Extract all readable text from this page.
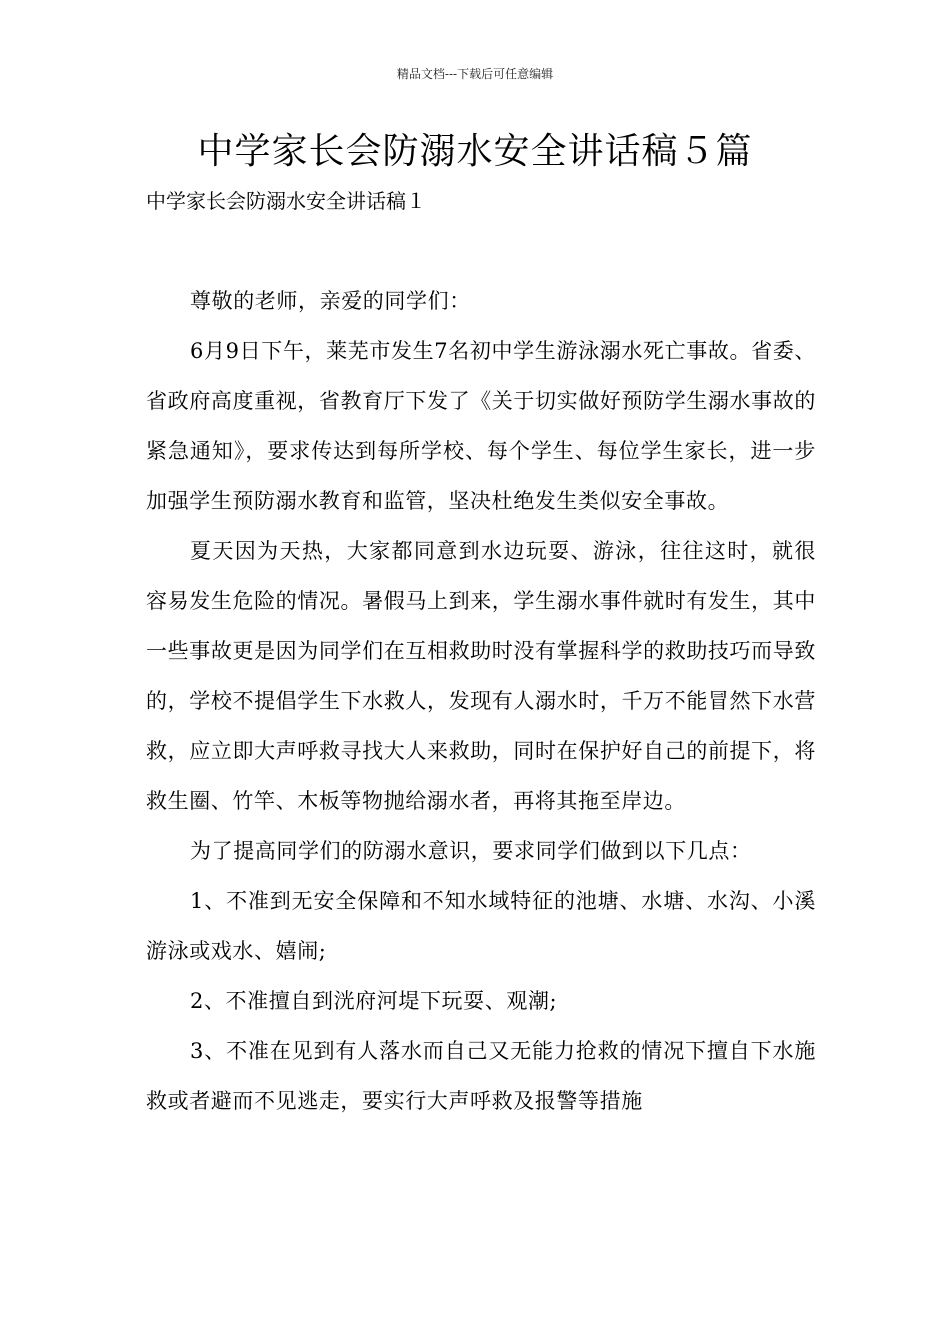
精品文档---下载后可任意编辑
中学家长会防溺水安全讲话稿５篇
中学家长会防溺水安全讲话稿１

尊敬的老师，亲爱的同学们：

6月9日下午，莱芜市发生7名初中学生游泳溺水死亡事故。省委、省政府高度重视，省教育厅下发了《关于切实做好预防学生溺水事故的紧急通知》，要求传达到每所学校、每个学生、每位学生家长，进一步加强学生预防溺水教育和监管，坚决杜绝发生类似安全事故。

夏天因为天热，大家都同意到水边玩耍、游泳，往往这时，就很容易发生危险的情况。暑假马上到来，学生溺水事件就时有发生，其中一些事故更是因为同学们在互相救助时没有掌握科学的救助技巧而导致的，学校不提倡学生下水救人，发现有人溺水时，千万不能冒然下水营救，应立即大声呼救寻找大人来救助，同时在保护好自己的前提下，将救生圈、竹竿、木板等物抛给溺水者，再将其拖至岸边。

为了提高同学们的防溺水意识，要求同学们做到以下几点：

1、不准到无安全保障和不知水域特征的池塘、水塘、水沟、小溪游泳或戏水、嬉闹;

2、不准擅自到洸府河堤下玩耍、观潮;

3、不准在见到有人落水而自己又无能力抢救的情况下擅自下水施救或者避而不见逃走，要实行大声呼救及报警等措施
